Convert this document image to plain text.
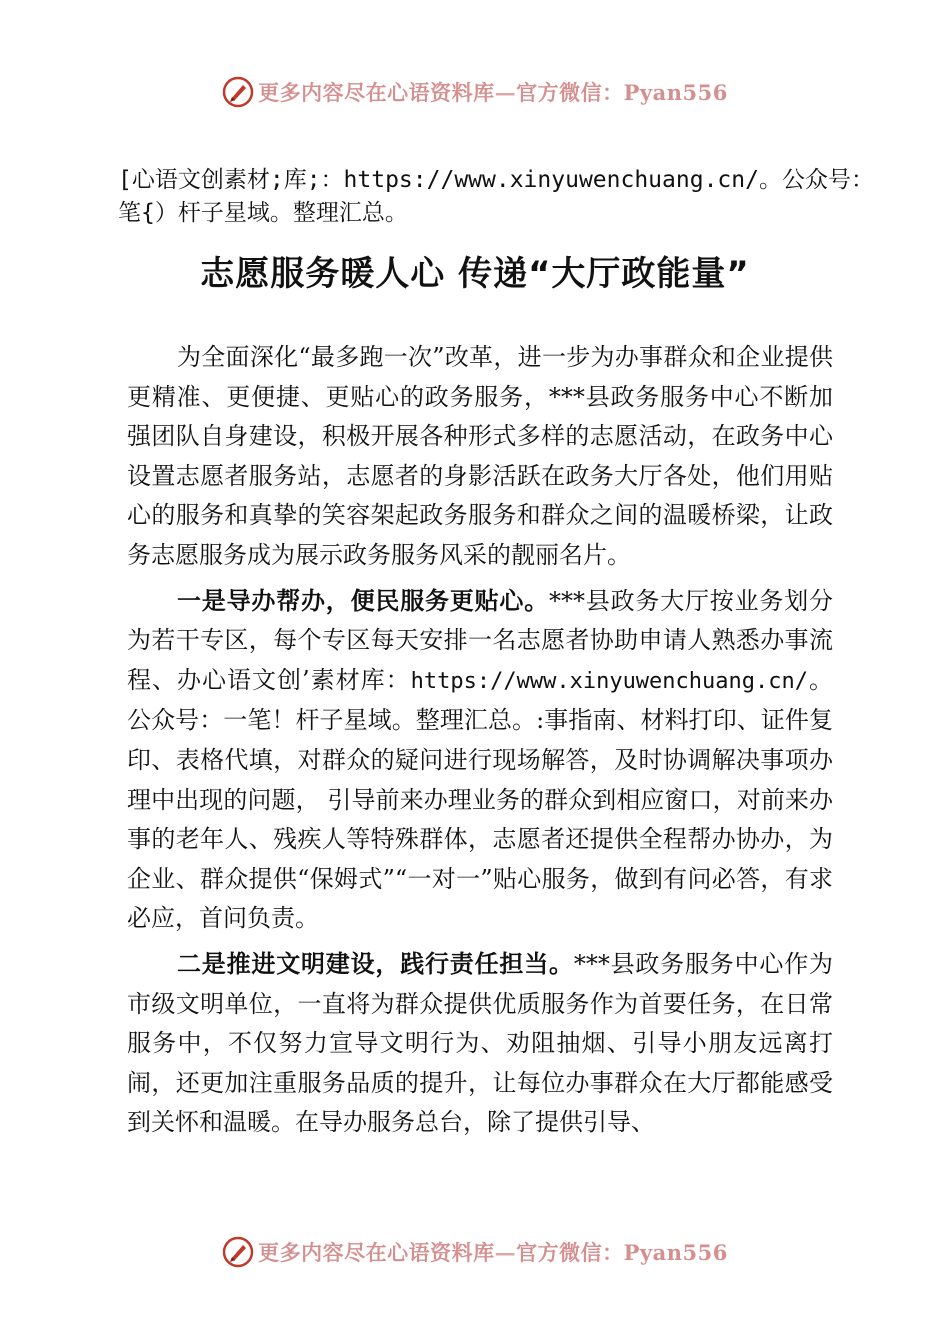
更多内容尽在心语资料库—官方微信：Pyan556
[心语文创素材;库;：https://www.xinyuwenchuang.cn/。公众号：
笔{）杆子星域。整理汇总。
志愿服务暖人心 传递“大厅政能量”

为全面深化“最多跑一次”改革，进一步为办事群众和企业提供更精准、更便捷、更贴心的政务服务，***县政务服务中心不断加强团队自身建设，积极开展各种形式多样的志愿活动，在政务中心设置志愿者服务站，志愿者的身影活跃在政务大厅各处，他们用贴心的服务和真挚的笑容架起政务服务和群众之间的温暖桥梁，让政务志愿服务成为展示政务服务风采的靓丽名片。

一是导办帮办，便民服务更贴心。***县政务大厅按业务划分为若干专区，每个专区每天安排一名志愿者协助申请人熟悉办事流程、办心语文创’素材库：https://www.xinyuwenchuang.cn/。公众号：一笔！杆子星域。整理汇总。:事指南、材料打印、证件复印、表格代填，对群众的疑问进行现场解答，及时协调解决事项办理中出现的问题， 引导前来办理业务的群众到相应窗口，对前来办事的老年人、残疾人等特殊群体，志愿者还提供全程帮办协办，为企业、群众提供“保姆式”“一对一”贴心服务，做到有问必答，有求必应，首问负责。

二是推进文明建设，践行责任担当。***县政务服务中心作为市级文明单位，一直将为群众提供优质服务作为首要任务，在日常服务中，不仅努力宣导文明行为、劝阻抽烟、引导小朋友远离打闹，还更加注重服务品质的提升，让每位办事群众在大厅都能感受到关怀和温暖。在导办服务总台，除了提供引导、

更多内容尽在心语资料库—官方微信：Pyan556
